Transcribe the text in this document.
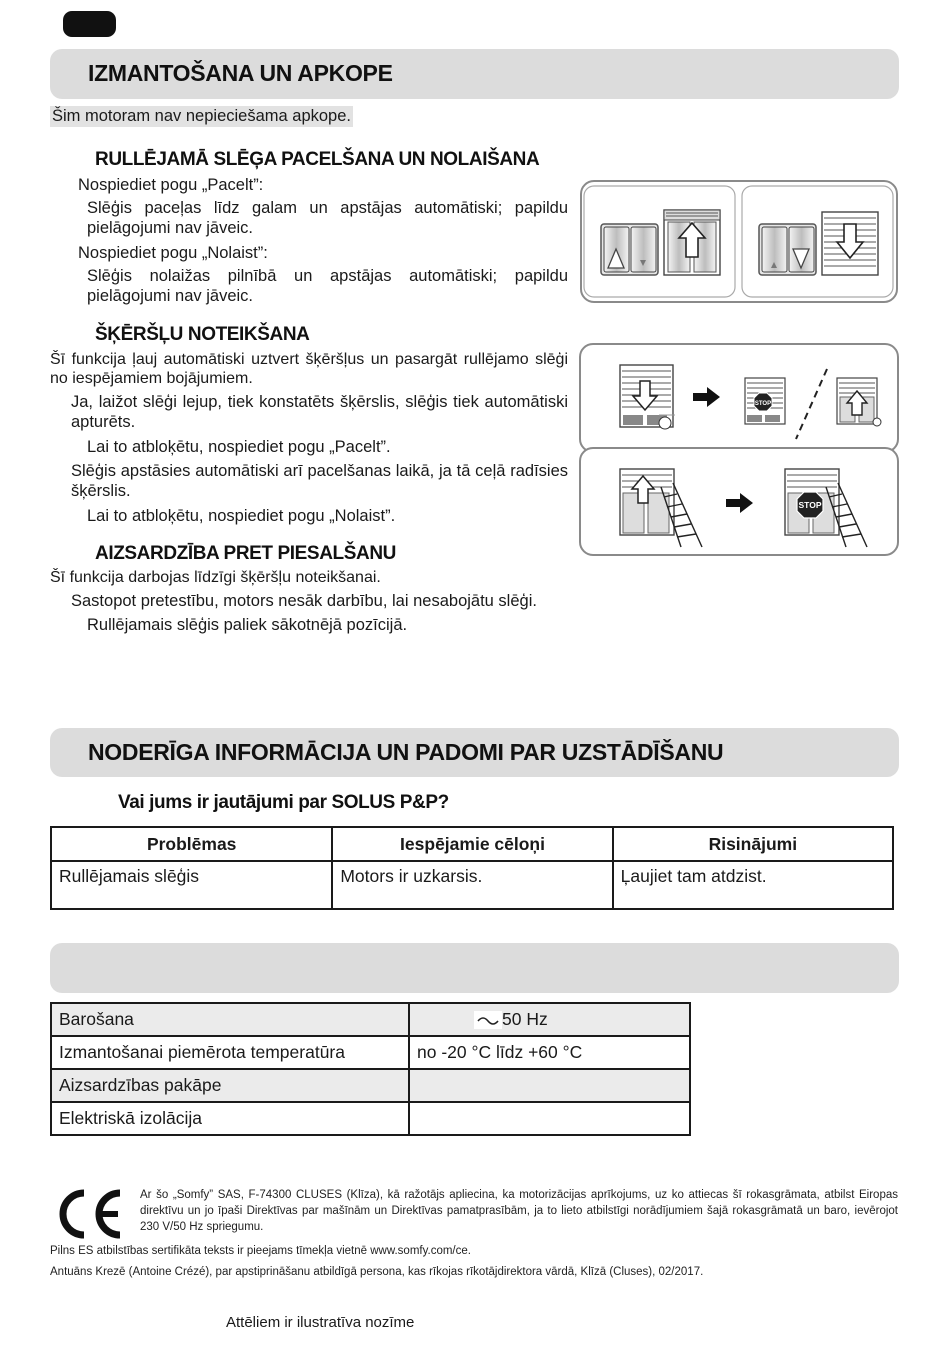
IZMANTOŠANA UN APKOPE
Šim motoram nav nepieciešama apkope.
RULLĒJAMĀ SLĒĢA PACELŠANA UN NOLAIŠANA
Nospiediet pogu „Pacelt”:
Slēģis paceļas līdz galam un apstājas automātiski; papildu pielāgojumi nav jāveic.
Nospiediet pogu „Nolaist”:
Slēģis nolaižas pilnībā un apstājas automātiski; papildu pielāgojumi nav jāveic.
ŠĶĒRŠĻU NOTEIKŠANA
Šī funkcija ļauj automātiski uztvert šķēršļus un pasargāt rullējamo slēģi no iespējamiem bojājumiem.
Ja, laižot slēģi lejup, tiek konstatēts šķērslis, slēģis tiek automātiski apturēts.
Lai to atbloķētu, nospiediet pogu „Pacelt”.
Slēģis apstāsies automātiski arī pacelšanas laikā, ja tā ceļā radīsies šķērslis.
Lai to atbloķētu, nospiediet pogu „Nolaist”.
STOP
STOP
AIZSARDZĪBA PRET PIESALŠANU
Šī funkcija darbojas līdzīgi šķēršļu noteikšanai.
Sastopot pretestību, motors nesāk darbību, lai nesabojātu slēģi.
Rullējamais slēģis paliek sākotnējā pozīcijā.
NODERĪGA INFORMĀCIJA UN PADOMI PAR UZSTĀDĪŠANU
Vai jums ir jautājumi par SOLUS P&P?
Problēmas	Iespējamie cēloņi	Risinājumi
Rullējamais slēģis	Motors ir uzkarsis.	Ļaujiet tam atdzist.
Barošana	50 Hz
Izmantošanai piemērota temperatūra	no -20 °C līdz +60 °C
Aizsardzības pakāpe	
Elektriskā izolācija	
Ar šo „Somfy” SAS, F-74300 CLUSES (Klīza), kā ražotājs apliecina, ka motorizācijas aprīkojums, uz ko attiecas šī rokasgrāmata, atbilst Eiropas direktīvu un jo īpaši Direktīvas par mašīnām un Direktīvas pamatprasībām, ja to lieto atbilstīgi norādījumiem šajā rokasgrāmatā un baro, ievērojot 230 V/50 Hz spriegumu.
Pilns ES atbilstības sertifikāta teksts ir pieejams tīmekļa vietnē www.somfy.com/ce.
Antuāns Krezē (Antoine Crézé), par apstiprināšanu atbildīgā persona, kas rīkojas rīkotājdirektora vārdā, Klīzā (Cluses), 02/2017.
Attēliem ir ilustratīva nozīme
